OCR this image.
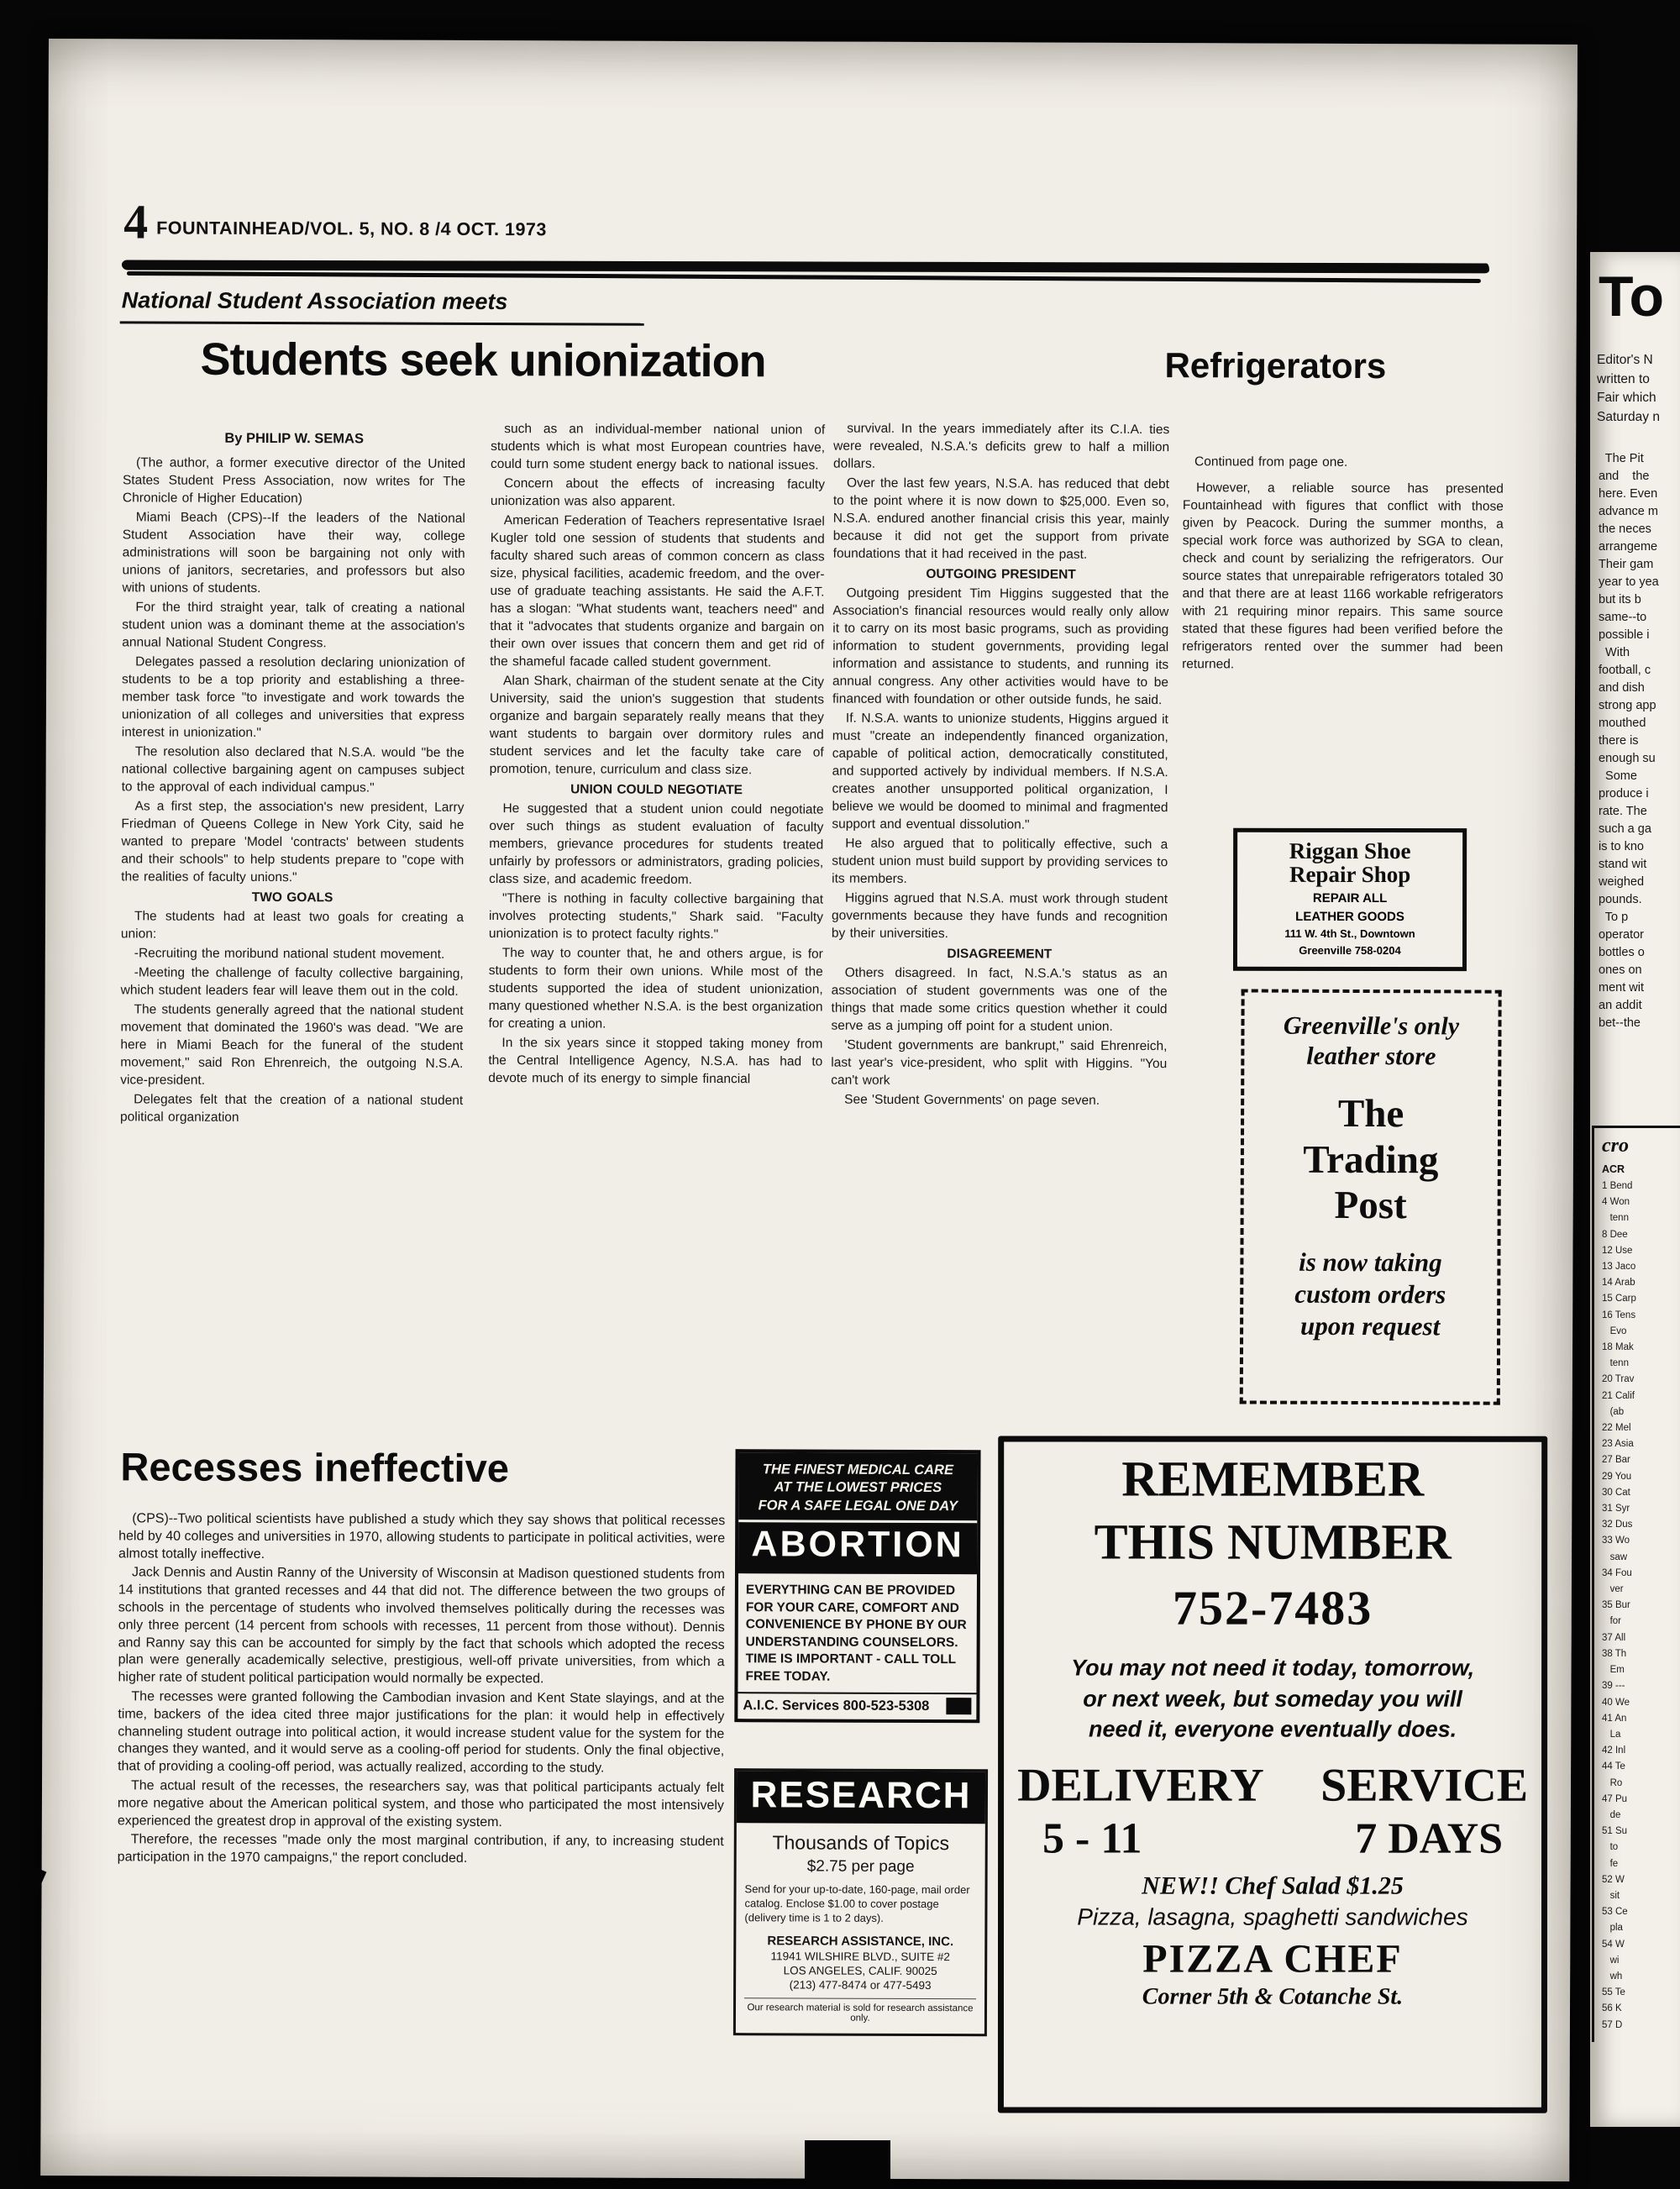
4 FOUNTAINHEAD/VOL. 5, NO. 8 /4 OCT. 1973
National Student Association meets
Students seek unionization	Refrigerators
By PHILIP W. SEMAS

(The author, a former executive director of the United States Student Press Association, now writes for The Chronicle of Higher Education)

Miami Beach (CPS)--If the leaders of the National Student Association have their way, college administrations will soon be bargaining not only with unions of janitors, secretaries, and professors but also with unions of students.

For the third straight year, talk of creating a national student union was a dominant theme at the association's annual National Student Congress.

Delegates passed a resolution declaring unionization of students to be a top priority and establishing a three-member task force "to investigate and work towards the unionization of all colleges and universities that express interest in unionization."

The resolution also declared that N.S.A. would "be the national collective bargaining agent on campuses subject to the approval of each individual campus."

As a first step, the association's new president, Larry Friedman of Queens College in New York City, said he wanted to prepare 'Model 'contracts' between students and their schools" to help students prepare to "cope with the realities of faculty unions."

TWO GOALS

The students had at least two goals for creating a union:

-Recruiting the moribund national student movement.

-Meeting the challenge of faculty collective bargaining, which student leaders fear will leave them out in the cold.

The students generally agreed that the national student movement that dominated the 1960's was dead. "We are here in Miami Beach for the funeral of the student movement," said Ron Ehrenreich, the outgoing N.S.A. vice-president.

Delegates felt that the creation of a national student political organization

such as an individual-member national union of students which is what most European countries have, could turn some student energy back to national issues.

Concern about the effects of increasing faculty unionization was also apparent.

American Federation of Teachers representative Israel Kugler told one session of students that students and faculty shared such areas of common concern as class size, physical facilities, academic freedom, and the over-use of graduate teaching assistants. He said the A.F.T. has a slogan: "What students want, teachers need" and that it "advocates that students organize and bargain on their own over issues that concern them and get rid of the shameful facade called student government.

Alan Shark, chairman of the student senate at the City University, said the union's suggestion that students organize and bargain separately really means that they want students to bargain over dormitory rules and student services and let the faculty take care of promotion, tenure, curriculum and class size.

UNION COULD NEGOTIATE

He suggested that a student union could negotiate over such things as student evaluation of faculty members, grievance procedures for students treated unfairly by professors or administrators, grading policies, class size, and academic freedom.

"There is nothing in faculty collective bargaining that involves protecting students," Shark said. "Faculty unionization is to protect faculty rights."

The way to counter that, he and others argue, is for students to form their own unions. While most of the students supported the idea of student unionization, many questioned whether N.S.A. is the best organization for creating a union.

In the six years since it stopped taking money from the Central Intelligence Agency, N.S.A. has had to devote much of its energy to simple financial

survival. In the years immediately after its C.I.A. ties were revealed, N.S.A.'s deficits grew to half a million dollars.

Over the last few years, N.S.A. has reduced that debt to the point where it is now down to $25,000. Even so, N.S.A. endured another financial crisis this year, mainly because it did not get the support from private foundations that it had received in the past.

OUTGOING PRESIDENT

Outgoing president Tim Higgins suggested that the Association's financial resources would really only allow it to carry on its most basic programs, such as providing information to student governments, providing legal information and assistance to students, and running its annual congress. Any other activities would have to be financed with foundation or other outside funds, he said.

If. N.S.A. wants to unionize students, Higgins argued it must "create an independently financed organization, capable of political action, democratically constituted, and supported actively by individual members. If N.S.A. creates another unsupported political organization, I believe we would be doomed to minimal and fragmented support and eventual dissolution."

He also argued that to politically effective, such a student union must build support by providing services to its members.

Higgins agrued that N.S.A. must work through student governments because they have funds and recognition by their universities.

DISAGREEMENT

Others disagreed. In fact, N.S.A.'s status as an association of student governments was one of the things that made some critics question whether it could serve as a jumping off point for a student union.

'Student governments are bankrupt," said Ehrenreich, last year's vice-president, who split with Higgins. "You can't work

See 'Student Governments' on page seven.

Continued from page one.

However, a reliable source has presented Fountainhead with figures that conflict with those given by Peacock. During the summer months, a special work force was authorized by SGA to clean, check and count by serializing the refrigerators. Our source states that unrepairable refrigerators totaled 30 and that there are at least 1166 workable refrigerators with 21 requiring minor repairs. This same source stated that these figures had been verified before the refrigerators rented over the summer had been returned.

Riggan Shoe
Repair Shop
REPAIR ALL
LEATHER GOODS
111 W. 4th St., Downtown
Greenville 758-0204
Greenville's only
leather store
The
Trading
Post
is now taking
custom orders
upon request
Recesses ineffective

(CPS)--Two political scientists have published a study which they say shows that political recesses held by 40 colleges and universities in 1970, allowing students to participate in political activities, were almost totally ineffective.

Jack Dennis and Austin Ranny of the University of Wisconsin at Madison questioned students from 14 institutions that granted recesses and 44 that did not. The difference between the two groups of schools in the percentage of students who involved themselves politically during the recesses was only three percent (14 percent from schools with recesses, 11 percent from those without). Dennis and Ranny say this can be accounted for simply by the fact that schools which adopted the recess plan were generally academically selective, prestigious, well-off private universities, from which a higher rate of student political participation would normally be expected.

The recesses were granted following the Cambodian invasion and Kent State slayings, and at the time, backers of the idea cited three major justifications for the plan: it would help in effectively channeling student outrage into political action, it would increase student value for the system for the changes they wanted, and it would serve as a cooling-off period for students. Only the final objective, that of providing a cooling-off period, was actually realized, according to the study.

The actual result of the recesses, the researchers say, was that political participants actualy felt more negative about the American political system, and those who participated the most intensively experienced the greatest drop in approval of the existing system.

Therefore, the recesses "made only the most marginal contribution, if any, to increasing student participation in the 1970 campaigns," the report concluded.

THE FINEST MEDICAL CARE
AT THE LOWEST PRICES
FOR A SAFE LEGAL ONE DAY
ABORTION
EVERYTHING CAN BE PROVIDED FOR YOUR CARE, COMFORT AND CONVENIENCE BY PHONE BY OUR UNDERSTANDING COUNSELORS. TIME IS IMPORTANT - CALL TOLL FREE TODAY.
A.I.C. Services 800-523-5308
RESEARCH
Thousands of Topics
$2.75 per page
Send for your up-to-date, 160-page, mail order catalog. Enclose $1.00 to cover postage (delivery time is 1 to 2 days).
RESEARCH ASSISTANCE, INC.
11941 WILSHIRE BLVD., SUITE #2
LOS ANGELES, CALIF. 90025
(213) 477-8474 or 477-5493
Our research material is sold for research assistance only.
REMEMBER
THIS NUMBER
752-7483

You may not need it today, tomorrow,

or next week, but someday you will

need it, everyone eventually does.

DELIVERY SERVICE
5 - 11	7 DAYS
NEW!! Chef Salad $1.25
Pizza, lasagna, spaghetti sandwiches
PIZZA CHEF
Corner 5th & Cotanche St.
To

Editor's N

written to

Fair which

Saturday n

The Pit

and    the

here. Even

advance m

the neces

arrangeme

Their gam

year to yea

but its b

same--to

possible i

With

football, c

and dish

strong app

mouthed

there is

enough su

Some

produce i

rate. The

such a ga

is to kno

stand wit

weighed

pounds.

To p

operator

bottles o

ones on

ment wit

an addit

bet--the

cro
ACR

1 Bend

4 Won

tenn

8 Dee

12 Use

13 Jaco

14 Arab

15 Carp

16 Tens

Evo

18 Mak

tenn

20 Trav

21 Calif

(ab

22 Mel

23 Asia

27 Bar

29 You

30 Cat

31 Syr

32 Dus

33 Wo

saw

34 Fou

ver

35 Bur

for

37 All

38 Th

Em

39 ---

40 We

41 An

La

42 Inl

44 Te

Ro

47 Pu

de

51 Su

to

fe

52 W

sit

53 Ce

pla

54 W

wi

wh

55 Te

56 K

57 D
